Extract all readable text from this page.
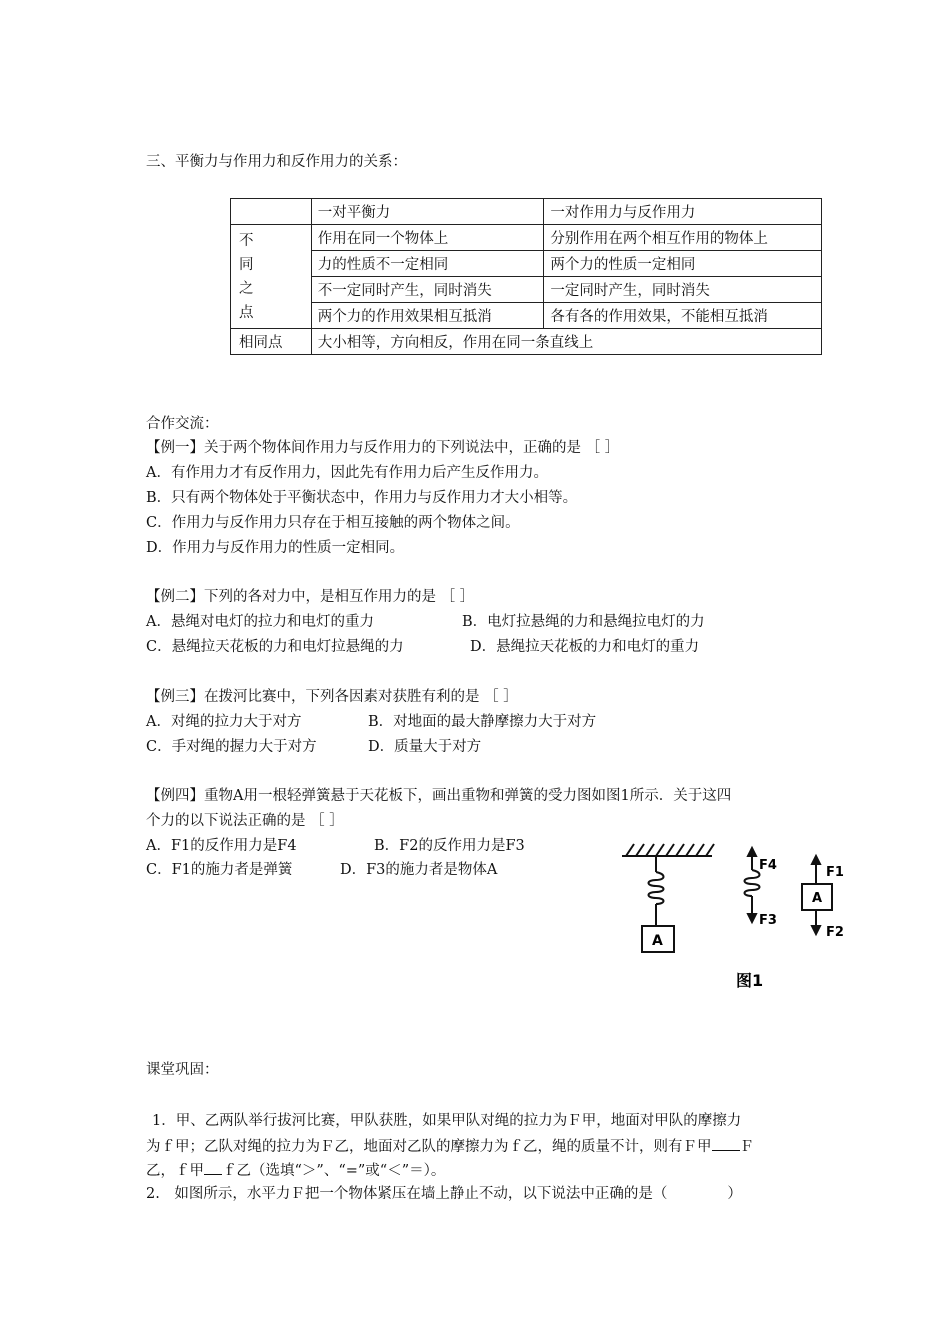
三、平衡力与作用力和反作用力的关系：
	一对平衡力	一对作用力与反作用力

不
同
之
点	作用在同一个物体上	分别作用在两个相互作用的物体上
	力的性质不一定相同	两个力的性质一定相同
	不一定同时产生，同时消失	一定同时产生，同时消失
	两个力的作用效果相互抵消	各有各的作用效果，不能相互抵消
相同点	大小相等，方向相反，作用在同一条直线上	
合作交流：
【例一】关于两个物体间作用力与反作用力的下列说法中，正确的是 ［ ］
A．有作用力才有反作用力，因此先有作用力后产生反作用力。
B．只有两个物体处于平衡状态中，作用力与反作用力才大小相等。
C．作用力与反作用力只存在于相互接触的两个物体之间。
D．作用力与反作用力的性质一定相同。
【例二】下列的各对力中，是相互作用力的是 ［ ］
A．悬绳对电灯的拉力和电灯的重力	B．电灯拉悬绳的力和悬绳拉电灯的力
C．悬绳拉天花板的力和电灯拉悬绳的力	D．悬绳拉天花板的力和电灯的重力
【例三】在拨河比赛中，下列各因素对获胜有利的是 ［ ］
A．对绳的拉力大于对方	B．对地面的最大静摩擦力大于对方
C．手对绳的握力大于对方	D．质量大于对方
【例四】重物A用一根轻弹簧悬于天花板下，画出重物和弹簧的受力图如图1所示．关于这四
个力的以下说法正确的是 ［ ］
A．F1的反作用力是F4	B．F2的反作用力是F3
C．F1的施力者是弹簧	D．F3的施力者是物体A
A
F4
F3
A
F1
F2
图1
课堂巩固：
1．甲、乙两队举行拔河比赛，甲队获胜，如果甲队对绳的拉力为Ｆ甲，地面对甲队的摩擦力
为ｆ甲；乙队对绳的拉力为Ｆ乙，地面对乙队的摩擦力为ｆ乙，绳的质量不计，则有Ｆ甲 Ｆ
乙，ｆ甲 ｆ乙（选填“＞”、“=”或“＜”＝）。
2.　如图所示，水平力Ｆ把一个物体紧压在墙上静止不动，以下说法中正确的是（	）
